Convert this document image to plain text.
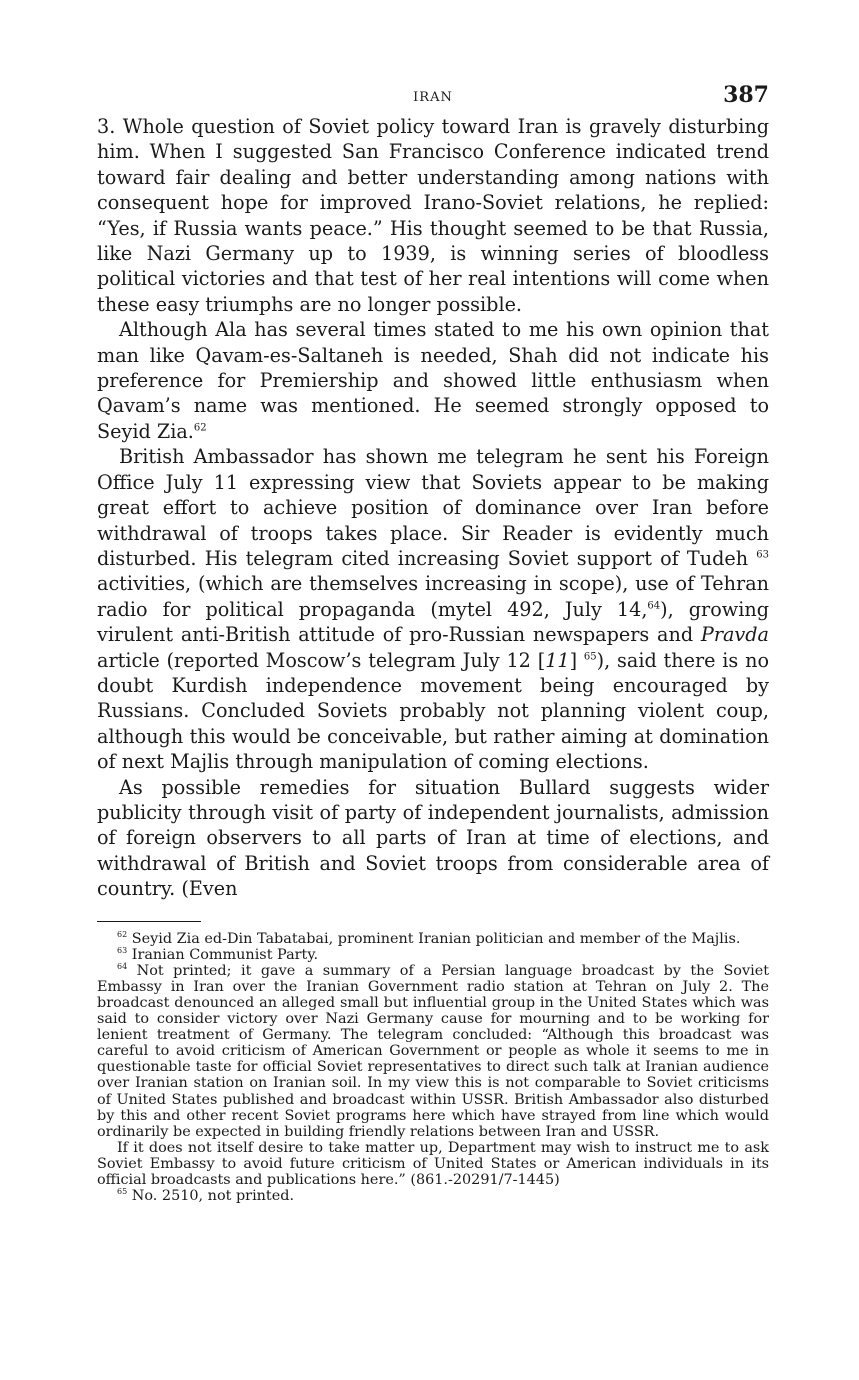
IRAN	387

3. Whole question of Soviet policy toward Iran is gravely disturbing him. When I suggested San Francisco Conference indicated trend toward fair dealing and better understanding among nations with consequent hope for improved Irano-Soviet relations, he replied: “Yes, if Russia wants peace.” His thought seemed to be that Russia, like Nazi Germany up to 1939, is winning series of bloodless political victories and that test of her real intentions will come when these easy triumphs are no longer possible.

Although Ala has several times stated to me his own opinion that man like Qavam-es-Saltaneh is needed, Shah did not indicate his preference for Premiership and showed little enthusiasm when Qavam’s name was mentioned. He seemed strongly opposed to Seyid Zia.$^{62}$

British Ambassador has shown me telegram he sent his Foreign Office July 11 expressing view that Soviets appear to be making great effort to achieve position of dominance over Iran before withdrawal of troops takes place. Sir Reader is evidently much disturbed. His telegram cited increasing Soviet support of Tudeh $^{63}$ activities, (which are themselves increasing in scope), use of Tehran radio for political propaganda (mytel 492, July 14,64), growing virulent anti-British attitude of pro-Russian newspapers and Pravda article (reported Moscow’s telegram July 12 [11] $^{65}$), said there is no doubt Kurdish independence movement being encouraged by Russians. Concluded Soviets probably not planning violent coup, although this would be conceivable, but rather aiming at domination of next Majlis through manipulation of coming elections.

As possible remedies for situation Bullard suggests wider publicity through visit of party of independent journalists, admission of foreign observers to all parts of Iran at time of elections, and withdrawal of British and Soviet troops from considerable area of country. (Even

$^{62}$ Seyid Zia ed-Din Tabatabai, prominent Iranian politician and member of the Majlis.

$^{63}$ Iranian Communist Party.

$^{64}$ Not printed; it gave a summary of a Persian language broadcast by the Soviet Embassy in Iran over the Iranian Government radio station at Tehran on July 2. The broadcast denounced an alleged small but influential group in the United States which was said to consider victory over Nazi Germany cause for mourning and to be working for lenient treatment of Germany. The telegram concluded: “Although this broadcast was careful to avoid criticism of American Government or people as whole it seems to me in questionable taste for official Soviet representatives to direct such talk at Iranian audience over Iranian station on Iranian soil. In my view this is not comparable to Soviet criticisms of United States published and broadcast within USSR. British Ambassador also disturbed by this and other recent Soviet programs here which have strayed from line which would ordinarily be expected in building friendly relations between Iran and USSR.

If it does not itself desire to take matter up, Department may wish to instruct me to ask Soviet Embassy to avoid future criticism of United States or American individuals in its official broadcasts and publications here.” (861.-20291/7-1445)

$^{65}$ No. 2510, not printed.
